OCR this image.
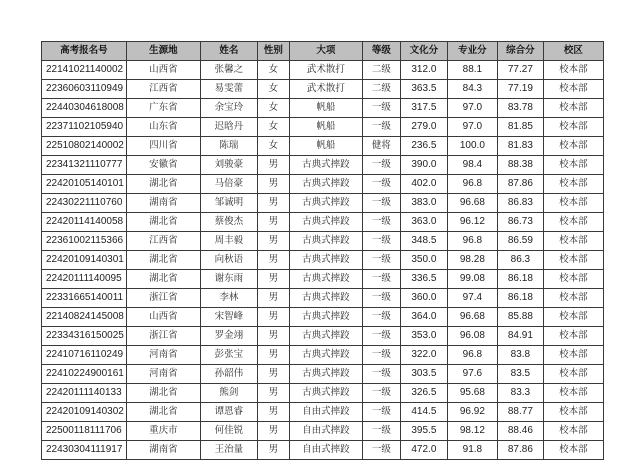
高考报名号	生源地	姓名	性别	大项	等级	文化分	专业分	综合分	校区
22141021140002	山西省	张馨之	女	武术散打	二级	312.0	88.1	77.27	校本部
22360603110949	江西省	易雯蕾	女	武术散打	二级	363.5	84.3	77.19	校本部
22440304618008	广东省	余宝玲	女	帆船	一级	317.5	97.0	83.78	校本部
22371102105940	山东省	迟晗丹	女	帆船	一级	279.0	97.0	81.85	校本部
22510802140002	四川省	陈瑞	女	帆船	健将	236.5	100.0	81.83	校本部
22341321110777	安徽省	刘骏豪	男	古典式摔跤	一级	390.0	98.4	88.38	校本部
22420105140101	湖北省	马倍豪	男	古典式摔跤	一级	402.0	96.8	87.86	校本部
22430221110760	湖南省	邹诚明	男	古典式摔跤	一级	383.0	96.68	86.83	校本部
22420114140058	湖北省	蔡俊杰	男	古典式摔跤	一级	363.0	96.12	86.73	校本部
22361002115366	江西省	周丰毅	男	古典式摔跤	一级	348.5	96.8	86.59	校本部
22420109140301	湖北省	向秋语	男	古典式摔跤	一级	350.0	98.28	86.3	校本部
22420111140095	湖北省	谢东雨	男	古典式摔跤	一级	336.5	99.08	86.18	校本部
22331665140011	浙江省	李林	男	古典式摔跤	一级	360.0	97.4	86.18	校本部
22140824145008	山西省	宋智峰	男	古典式摔跤	一级	364.0	96.68	85.88	校本部
22334316150025	浙江省	罗金翊	男	古典式摔跤	一级	353.0	96.08	84.91	校本部
22410716110249	河南省	彭张宝	男	古典式摔跤	一级	322.0	96.8	83.8	校本部
22410224900161	河南省	孙韶伟	男	古典式摔跤	一级	303.5	97.6	83.5	校本部
22420111140133	湖北省	熊剑	男	古典式摔跤	一级	326.5	95.68	83.3	校本部
22420109140302	湖北省	谭恩睿	男	自由式摔跤	一级	414.5	96.92	88.77	校本部
22500118111706	重庆市	何佳锐	男	自由式摔跤	一级	395.5	98.12	88.46	校本部
22430304111917	湖南省	王治量	男	自由式摔跤	一级	472.0	91.8	87.86	校本部
